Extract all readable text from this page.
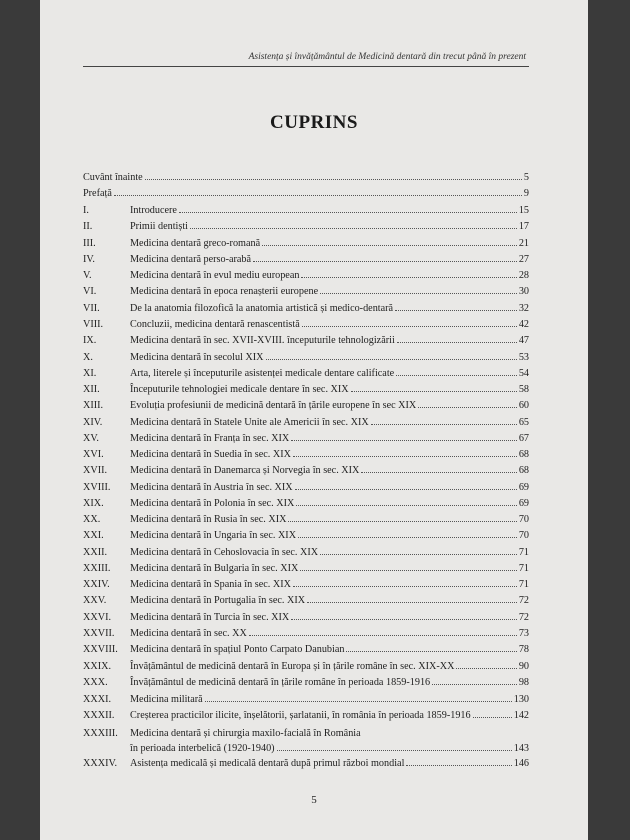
Asistența și învățământul de Medicină dentară din trecut până în prezent
CUPRINS
Cuvânt înainte	5
Prefață	9
I.	Introducere	15
II.	Primii dentiști	17
III.	Medicina dentară greco-romană	21
IV.	Medicina dentară perso-arabă	27
V.	Medicina dentară în evul mediu european	28
VI.	Medicina dentară în epoca renașterii europene	30
VII.	De la anatomia filozofică la anatomia artistică și medico-dentară	32
VIII.	Concluzii, medicina dentară renascentistă	42
IX.	Medicina dentară în sec. XVII-XVIII. începuturile tehnologizării	47
X.	Medicina dentară în secolul XIX	53
XI.	Arta, literele și începuturile asistenței medicale dentare calificate	54
XII.	Începuturile tehnologiei medicale dentare în sec. XIX	58
XIII.	Evoluția profesiunii de medicină dentară în țările europene în sec XIX	60
XIV.	Medicina dentară în Statele Unite ale Americii în sec. XIX	65
XV.	Medicina dentară în Franța în sec. XIX	67
XVI.	Medicina dentară în Suedia în sec. XIX	68
XVII.	Medicina dentară în Danemarca și Norvegia în sec. XIX	68
XVIII.	Medicina dentară în Austria în sec. XIX	69
XIX.	Medicina dentară în Polonia în sec. XIX	69
XX.	Medicina dentară în Rusia în sec. XIX	70
XXI.	Medicina dentară în Ungaria în sec. XIX	70
XXII.	Medicina dentară în Cehoslovacia în sec. XIX	71
XXIII.	Medicina dentară în Bulgaria în sec. XIX	71
XXIV.	Medicina dentară în Spania în sec. XIX	71
XXV.	Medicina dentară în Portugalia în sec. XIX	72
XXVI.	Medicina dentară în Turcia în sec. XIX	72
XXVII.	Medicina dentară în sec. XX	73
XXVIII.	Medicina dentară în spațiul Ponto Carpato Danubian	78
XXIX.	Învățământul de medicină dentară în Europa și în țările române în sec. XIX-XX	90
XXX.	Învățământul de medicină dentară în țările române în perioada 1859-1916	98
XXXI.	Medicina militară	130
XXXII.	Creșterea practicilor ilicite, înșelătorii, șarlatanii, în românia în perioada 1859-1916	142
XXXIII.	Medicina dentară și chirurgia maxilo-facială în România
în perioada interbelică (1920-1940)	143
XXXIV.	Asistența medicală și medicală dentară după primul război mondial	146
5
